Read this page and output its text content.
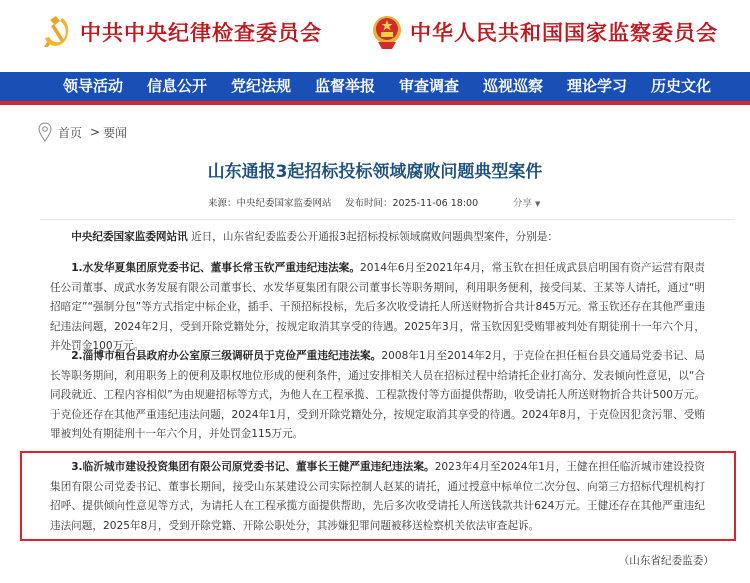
中共中央纪律检查委员会	中华人民共和国国家监察委员会
领导活动	信息公开	党纪法规	监督举报	审查调查	巡视巡察	理论学习	历史文化
首页 > 要闻
山东通报3起招标投标领域腐败问题典型案件
来源：中央纪委国家监委网站 发布时间：2025-11-06 18:00	分享 ▼

中央纪委国家监委网站讯 近日，山东省纪委监委公开通报3起招标投标领域腐败问题典型案件，分别是：

1.水发华夏集团原党委书记、董事长常玉钦严重违纪违法案。2014年6月至2021年4月，常玉钦在担任成武县启明国有资产运营有限责任公司董事、成武水务发展有限公司董事长、水发华夏集团有限公司董事长等职务期间，利用职务便利，接受闫某、王某等人请托，通过“明招暗定”“强制分包”等方式指定中标企业，插手、干预招标投标，先后多次收受请托人所送财物折合共计845万元。常玉钦还存在其他严重违纪违法问题，2024年2月，受到开除党籍处分，按规定取消其享受的待遇。2025年3月，常玉钦因犯受贿罪被判处有期徒刑十一年六个月，并处罚金100万元。

2.淄博市桓台县政府办公室原三级调研员于克俭严重违纪违法案。2008年1月至2014年2月，于克俭在担任桓台县交通局党委书记、局长等职务期间，利用职务上的便利及职权地位形成的便利条件，通过安排相关人员在招标过程中给请托企业打高分、发表倾向性意见，以“合同段就近、工程内容相似”为由规避招标等方式，为他人在工程承揽、工程款拨付等方面提供帮助，收受请托人所送财物折合共计500万元。于克俭还存在其他严重违纪违法问题，2024年1月，受到开除党籍处分，按规定取消其享受的待遇。2024年8月，于克俭因犯贪污罪、受贿罪被判处有期徒刑十一年六个月，并处罚金115万元。

3.临沂城市建设投资集团有限公司原党委书记、董事长王健严重违纪违法案。2023年4月至2024年1月，王健在担任临沂城市建设投资集团有限公司党委书记、董事长期间，接受山东某建设公司实际控制人赵某的请托，通过授意中标单位二次分包、向第三方招标代理机构打招呼、提供倾向性意见等方式，为请托人在工程承揽方面提供帮助，先后多次收受请托人所送钱款共计624万元。王健还存在其他严重违纪违法问题，2025年8月，受到开除党籍、开除公职处分，其涉嫌犯罪问题被移送检察机关依法审查起诉。

（山东省纪委监委）
